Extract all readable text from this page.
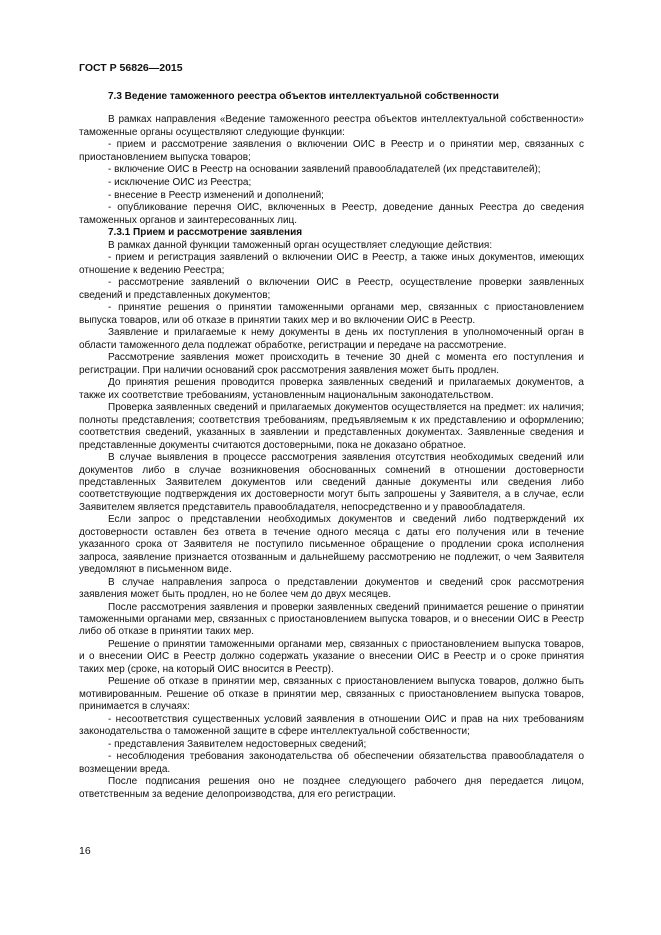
ГОСТ Р 56826—2015

7.3 Ведение таможенного реестра объектов интеллектуальной собственности

В рамках направления «Ведение таможенного реестра объектов интеллектуальной собственности» таможенные органы осуществляют следующие функции:

- прием и рассмотрение заявления о включении ОИС в Реестр и о принятии мер, связанных с приостановлением выпуска товаров;

- включение ОИС в Реестр на основании заявлений правообладателей (их представителей);

- исключение ОИС из Реестра;

- внесение в Реестр изменений и дополнений;

- опубликование перечня ОИС, включенных в Реестр, доведение данных Реестра до сведения таможенных органов и заинтересованных лиц.

7.3.1 Прием и рассмотрение заявления

В рамках данной функции таможенный орган осуществляет следующие действия:

- прием и регистрация заявлений о включении ОИС в Реестр, а также иных документов, имеющих отношение к ведению Реестра;

- рассмотрение заявлений о включении ОИС в Реестр, осуществление проверки заявленных сведений и представленных документов;

- принятие решения о принятии таможенными органами мер, связанных с приостановлением выпуска товаров, или об отказе в принятии таких мер и во включении ОИС в Реестр.

Заявление и прилагаемые к нему документы в день их поступления в уполномоченный орган в области таможенного дела подлежат обработке, регистрации и передаче на рассмотрение.

Рассмотрение заявления может происходить в течение 30 дней с момента его поступления и регистрации. При наличии оснований срок рассмотрения заявления может быть продлен.

До принятия решения проводится проверка заявленных сведений и прилагаемых документов, а также их соответствие требованиям, установленным национальным законодательством.

Проверка заявленных сведений и прилагаемых документов осуществляется на предмет: их наличия; полноты представления; соответствия требованиям, предъявляемым к их представлению и оформлению; соответствия сведений, указанных в заявлении и представленных документах. Заявленные сведения и представленные документы считаются достоверными, пока не доказано обратное.

В случае выявления в процессе рассмотрения заявления отсутствия необходимых сведений или документов либо в случае возникновения обоснованных сомнений в отношении достоверности представленных Заявителем документов или сведений данные документы или сведения либо соответствующие подтверждения их достоверности могут быть запрошены у Заявителя, а в случае, если Заявителем является представитель правообладателя, непосредственно и у правообладателя.

Если запрос о представлении необходимых документов и сведений либо подтверждений их достоверности оставлен без ответа в течение одного месяца с даты его получения или в течение указанного срока от Заявителя не поступило письменное обращение о продлении срока исполнения запроса, заявление признается отозванным и дальнейшему рассмотрению не подлежит, о чем Заявителя уведомляют в письменном виде.

В случае направления запроса о представлении документов и сведений срок рассмотрения заявления может быть продлен, но не более чем до двух месяцев.

После рассмотрения заявления и проверки заявленных сведений принимается решение о принятии таможенными органами мер, связанных с приостановлением выпуска товаров, и о внесении ОИС в Реестр либо об отказе в принятии таких мер.

Решение о принятии таможенными органами мер, связанных с приостановлением выпуска товаров, и о внесении ОИС в Реестр должно содержать указание о внесении ОИС в Реестр и о сроке принятия таких мер (сроке, на который ОИС вносится в Реестр).

Решение об отказе в принятии мер, связанных с приостановлением выпуска товаров, должно быть мотивированным. Решение об отказе в принятии мер, связанных с приостановлением выпуска товаров, принимается в случаях:

- несоответствия существенных условий заявления в отношении ОИС и прав на них требованиям законодательства о таможенной защите в сфере интеллектуальной собственности;

- представления Заявителем недостоверных сведений;

- несоблюдения требования законодательства об обеспечении обязательства правообладателя о возмещении вреда.

После подписания решения оно не позднее следующего рабочего дня передается лицом, ответственным за ведение делопроизводства, для его регистрации.

16
